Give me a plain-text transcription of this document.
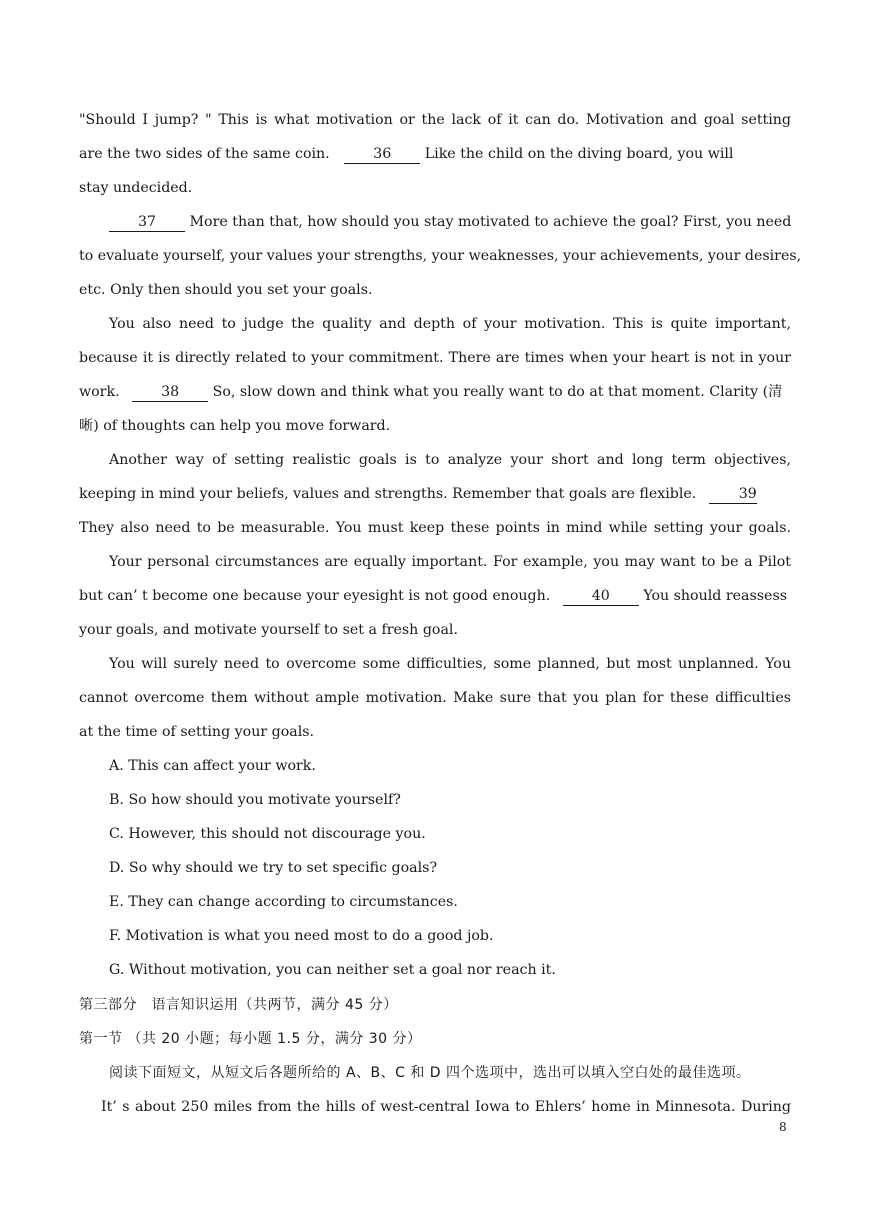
"Should I jump? " This is what motivation or the lack of it can do. Motivation and goal setting
are the two sides of the same coin.	36 Like the child on the diving board, you will
stay undecided.
37 More than that, how should you stay motivated to achieve the goal? First, you need
to evaluate yourself, your values your strengths, your weaknesses, your achievements, your desires,
etc. Only then should you set your goals.
You also need to judge the quality and depth of your motivation. This is quite important,
because it is directly related to your commitment. There are times when your heart is not in your
work.	38 So, slow down and think what you really want to do at that moment. Clarity (清
晰) of thoughts can help you move forward.
Another way of setting realistic goals is to analyze your short and long term objectives,
keeping in mind your beliefs, values and strengths. Remember that goals are flexible.	39
They also need to be measurable. You must keep these points in mind while setting your goals.
Your personal circumstances are equally important. For example, you may want to be a Pilot
but can’ t become one because your eyesight is not good enough.	40 You should reassess
your goals, and motivate yourself to set a fresh goal.
You will surely need to overcome some difficulties, some planned, but most unplanned. You
cannot overcome them without ample motivation. Make sure that you plan for these difficulties
at the time of setting your goals.
A. This can affect your work.
B. So how should you motivate yourself?
C. However, this should not discourage you.
D. So why should we try to set specific goals?
E. They can change according to circumstances.
F. Motivation is what you need most to do a good job.
G. Without motivation, you can neither set a goal nor reach it.
第三部分　语言知识运用（共两节，满分 45 分）
第一节 （共 20 小题；每小题 1.5 分，满分 30 分）
阅读下面短文，从短文后各题所给的 A、B、C 和 D 四个选项中，选出可以填入空白处的最佳选项。
It’ s about 250 miles from the hills of west-central Iowa to Ehlers’ home in Minnesota. During
8
